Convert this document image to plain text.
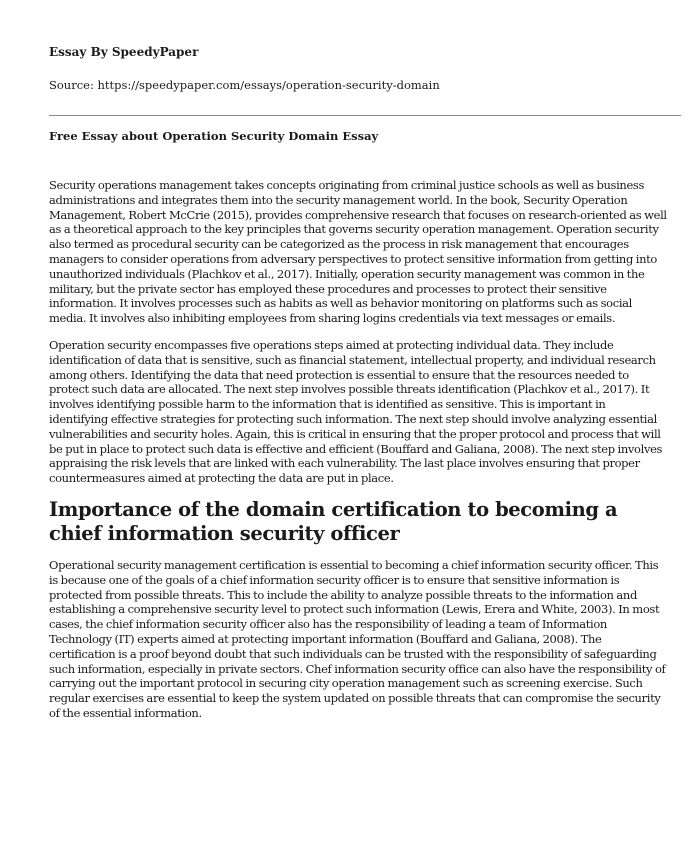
Essay By SpeedyPaper

Source: https://speedypaper.com/essays/operation-security-domain

Free Essay about Operation Security Domain Essay

Security operations management takes concepts originating from criminal justice schools as well as business administrations and integrates them into the security management world. In the book, Security Operation Management, Robert McCrie (2015), provides comprehensive research that focuses on research-oriented as well as a theoretical approach to the key principles that governs security operation management. Operation security also termed as procedural security can be categorized as the process in risk management that encourages managers to consider operations from adversary perspectives to protect sensitive information from getting into unauthorized individuals (Plachkov et al., 2017). Initially, operation security management was common in the military, but the private sector has employed these procedures and processes to protect their sensitive information. It involves processes such as habits as well as behavior monitoring on platforms such as social media. It involves also inhibiting employees from sharing logins credentials via text messages or emails.

Operation security encompasses five operations steps aimed at protecting individual data. They include identification of data that is sensitive, such as financial statement, intellectual property, and individual research among others. Identifying the data that need protection is essential to ensure that the resources needed to protect such data are allocated. The next step involves possible threats identification (Plachkov et al., 2017). It involves identifying possible harm to the information that is identified as sensitive. This is important in identifying effective strategies for protecting such information. The next step should involve analyzing essential vulnerabilities and security holes. Again, this is critical in ensuring that the proper protocol and process that will be put in place to protect such data is effective and efficient (Bouffard and Galiana, 2008). The next step involves appraising the risk levels that are linked with each vulnerability. The last place involves ensuring that proper countermeasures aimed at protecting the data are put in place.

Importance of the domain certification to becoming a chief information security officer

Operational security management certification is essential to becoming a chief information security officer. This is because one of the goals of a chief information security officer is to ensure that sensitive information is protected from possible threats. This to include the ability to analyze possible threats to the information and establishing a comprehensive security level to protect such information (Lewis, Erera and White, 2003). In most cases, the chief information security officer also has the responsibility of leading a team of Information Technology (IT) experts aimed at protecting important information (Bouffard and Galiana, 2008). The certification is a proof beyond doubt that such individuals can be trusted with the responsibility of safeguarding such information, especially in private sectors. Chef information security office can also have the responsibility of carrying out the important protocol in securing city operation management such as screening exercise. Such regular exercises are essential to keep the system updated on possible threats that can compromise the security of the essential information.
